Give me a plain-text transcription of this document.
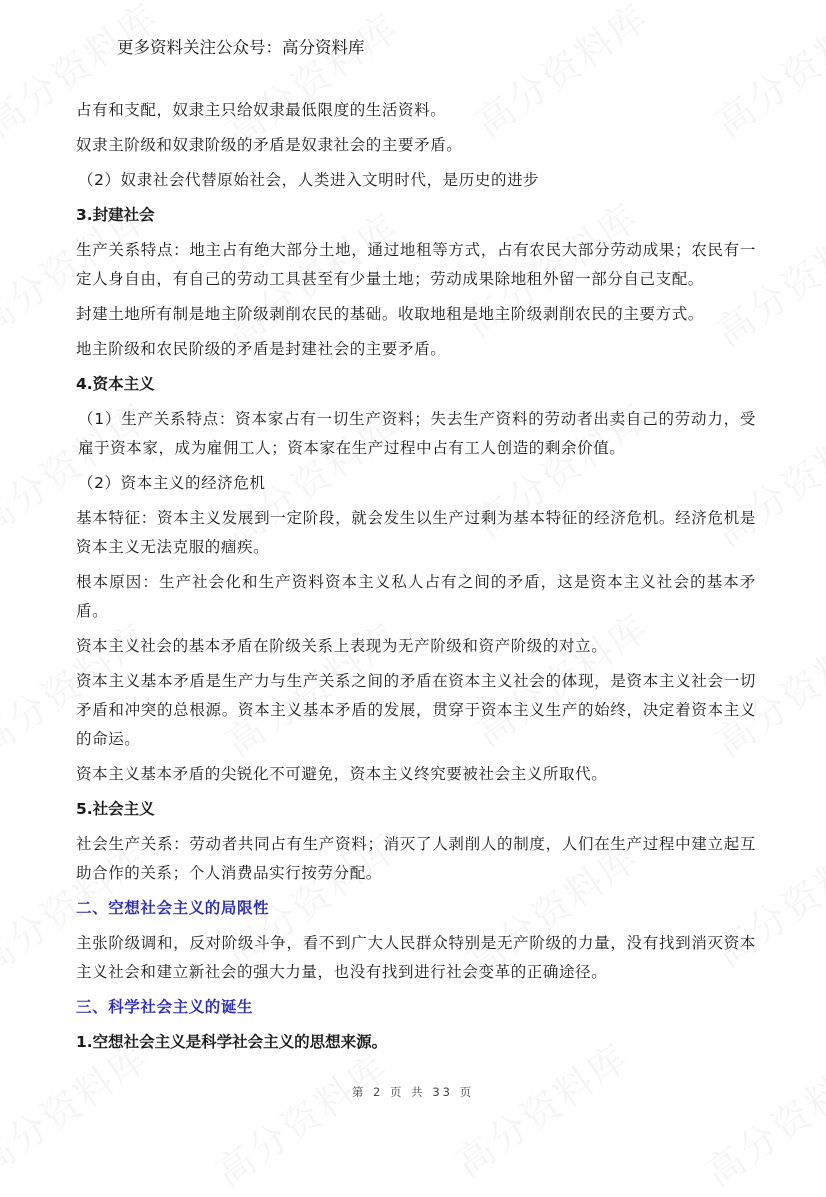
更多资料关注公众号：高分资料库

占有和支配，奴隶主只给奴隶最低限度的生活资料。

奴隶主阶级和奴隶阶级的矛盾是奴隶社会的主要矛盾。

（2）奴隶社会代替原始社会，人类进入文明时代，是历史的进步

3.封建社会

生产关系特点：地主占有绝大部分土地，通过地租等方式，占有农民大部分劳动成果；农民有一定人身自由，有自己的劳动工具甚至有少量土地；劳动成果除地租外留一部分自己支配。

封建土地所有制是地主阶级剥削农民的基础。收取地租是地主阶级剥削农民的主要方式。

地主阶级和农民阶级的矛盾是封建社会的主要矛盾。

4.资本主义

（1）生产关系特点：资本家占有一切生产资料；失去生产资料的劳动者出卖自己的劳动力，受雇于资本家，成为雇佣工人；资本家在生产过程中占有工人创造的剩余价值。

（2）资本主义的经济危机

基本特征：资本主义发展到一定阶段，就会发生以生产过剩为基本特征的经济危机。经济危机是资本主义无法克服的痼疾。

根本原因：生产社会化和生产资料资本主义私人占有之间的矛盾，这是资本主义社会的基本矛盾。

资本主义社会的基本矛盾在阶级关系上表现为无产阶级和资产阶级的对立。

资本主义基本矛盾是生产力与生产关系之间的矛盾在资本主义社会的体现，是资本主义社会一切矛盾和冲突的总根源。资本主义基本矛盾的发展，贯穿于资本主义生产的始终，决定着资本主义的命运。

资本主义基本矛盾的尖锐化不可避免，资本主义终究要被社会主义所取代。

5.社会主义

社会生产关系：劳动者共同占有生产资料；消灭了人剥削人的制度，人们在生产过程中建立起互助合作的关系；个人消费品实行按劳分配。

二、空想社会主义的局限性

主张阶级调和，反对阶级斗争，看不到广大人民群众特别是无产阶级的力量，没有找到消灭资本主义社会和建立新社会的强大力量，也没有找到进行社会变革的正确途径。

三、科学社会主义的诞生

1.空想社会主义是科学社会主义的思想来源。

第 2 页 共 33 页
